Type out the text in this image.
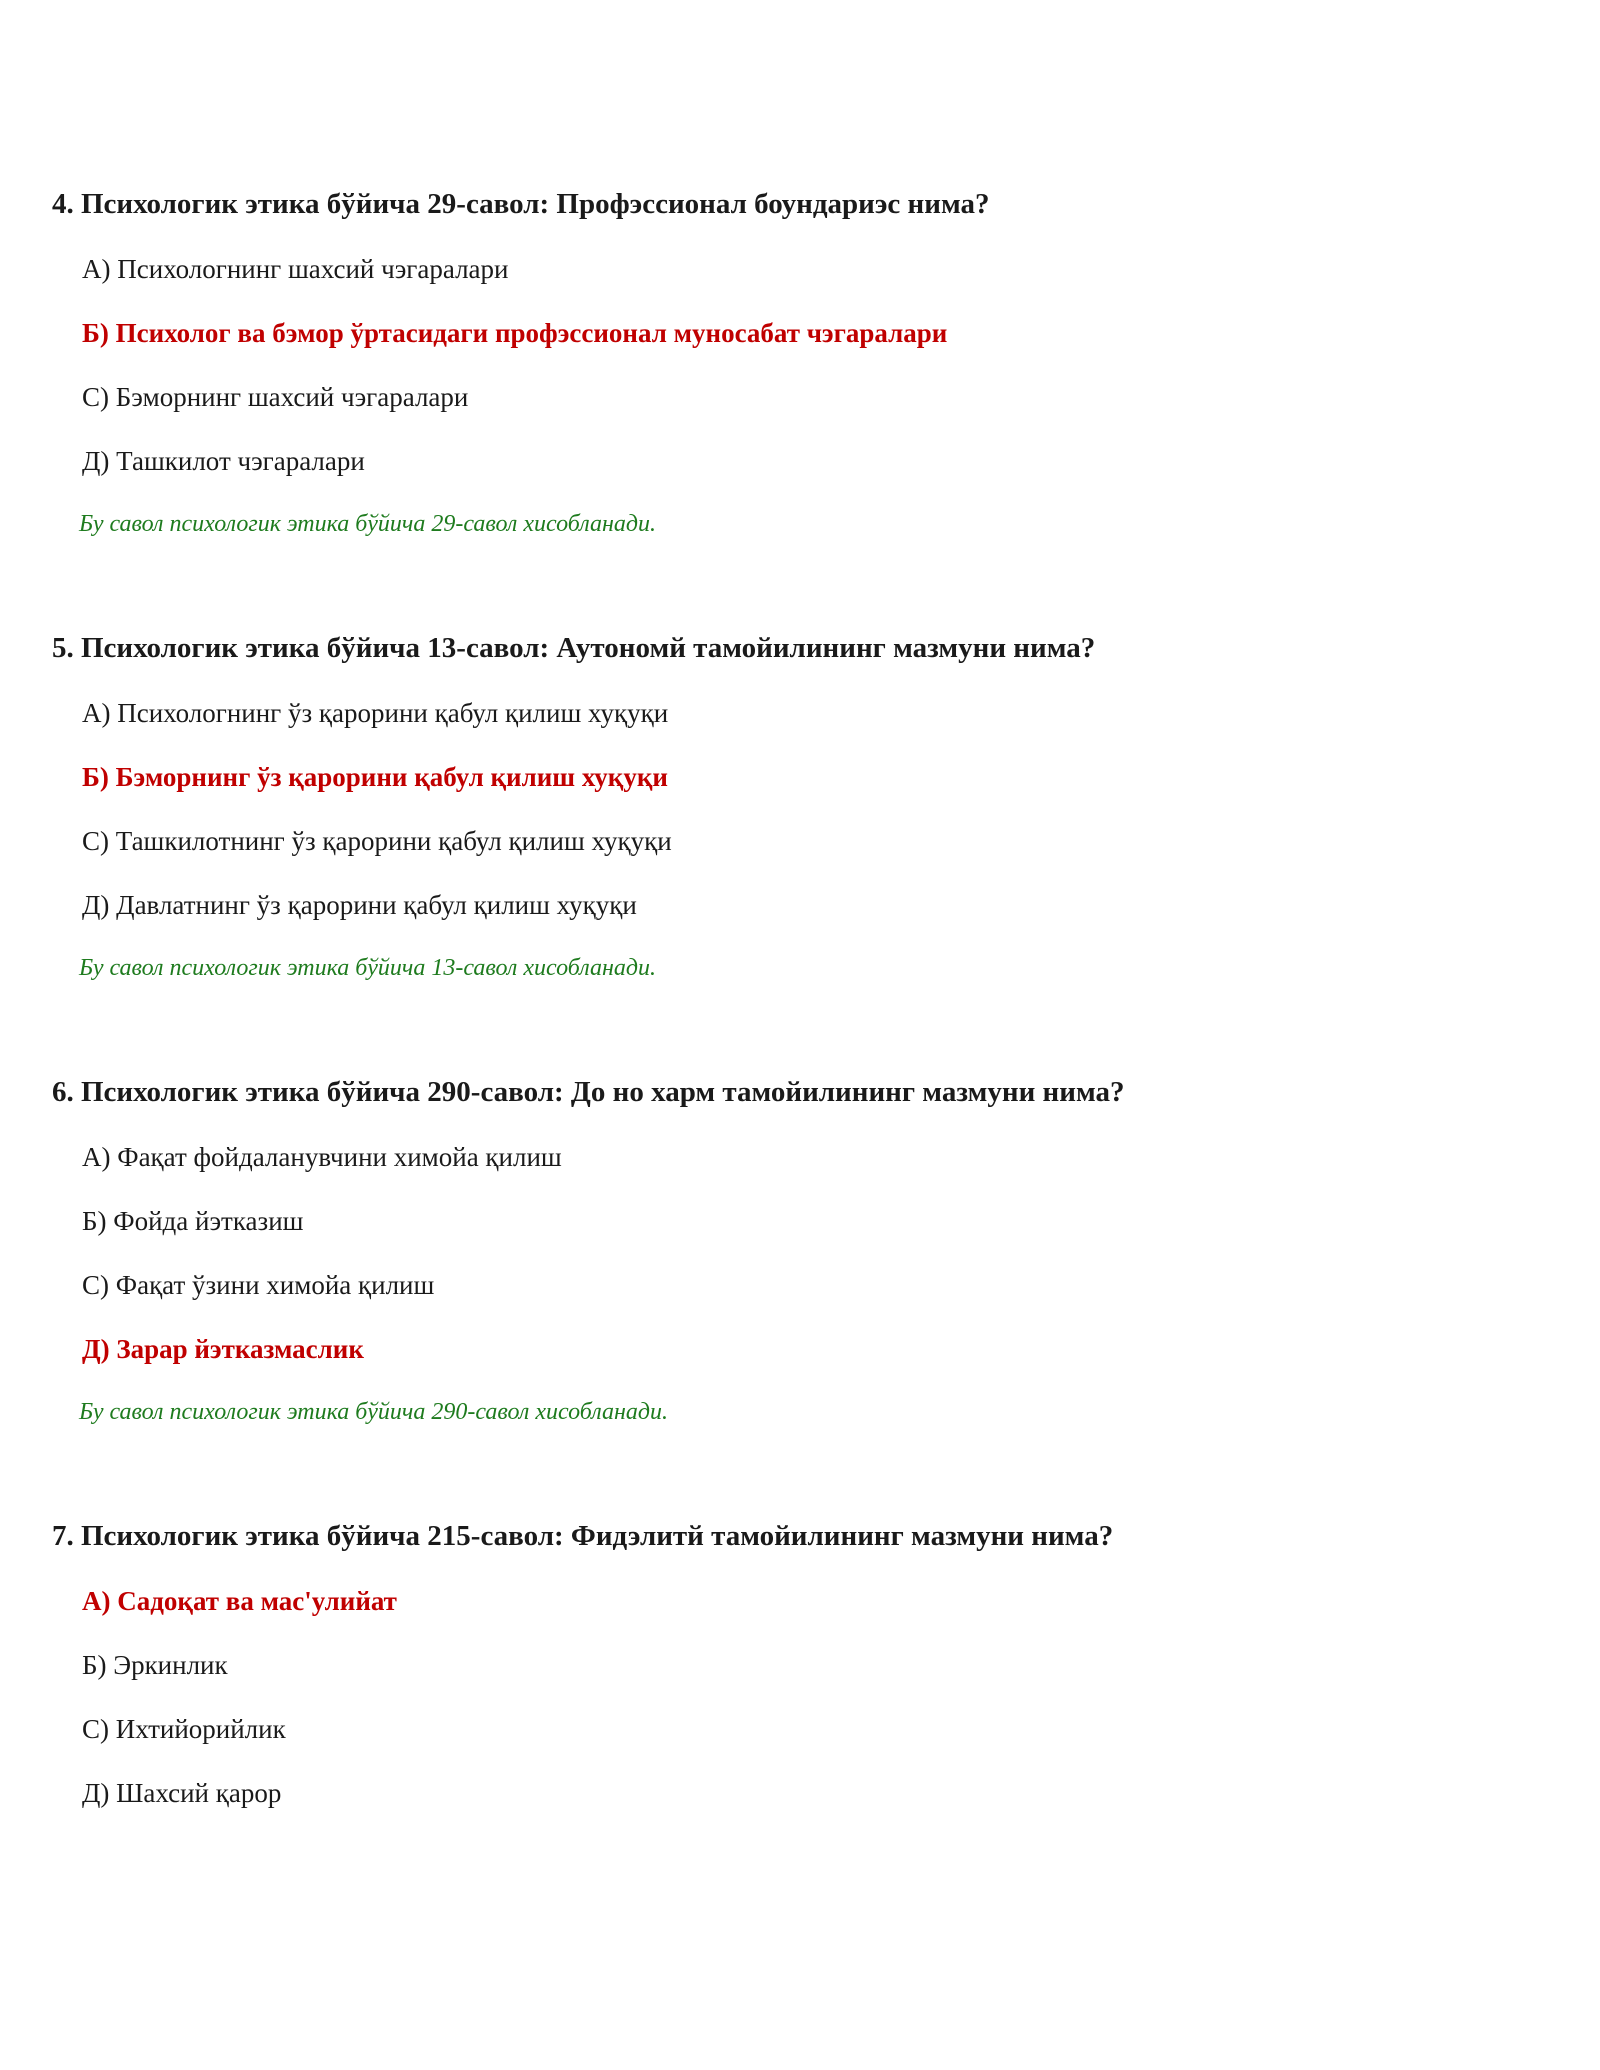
4. Психологик этика бўйича 29-савол: Профэссионал боундариэс нима?
А) Психологнинг шахсий чэгаралари
Б) Психолог ва бэмор ўртасидаги профэссионал муносабат чэгаралари
С) Бэморнинг шахсий чэгаралари
Д) Ташкилот чэгаралари

Бу савол психологик этика бўйича 29-савол хисобланади.

5. Психологик этика бўйича 13-савол: Аутономй тамойилининг мазмуни нима?
А) Психологнинг ўз қарорини қабул қилиш хуқуқи
Б) Бэморнинг ўз қарорини қабул қилиш хуқуқи
С) Ташкилотнинг ўз қарорини қабул қилиш хуқуқи
Д) Давлатнинг ўз қарорини қабул қилиш хуқуқи

Бу савол психологик этика бўйича 13-савол хисобланади.

6. Психологик этика бўйича 290-савол: До но харм тамойилининг мазмуни нима?
А) Фақат фойдаланувчини химойа қилиш
Б) Фойда йэтказиш
С) Фақат ўзини химойа қилиш
Д) Зарар йэтказмаслик

Бу савол психологик этика бўйича 290-савол хисобланади.

7. Психологик этика бўйича 215-савол: Фидэлитй тамойилининг мазмуни нима?
А) Садоқат ва мас'улийат
Б) Эркинлик
С) Ихтийорийлик
Д) Шахсий қарор
